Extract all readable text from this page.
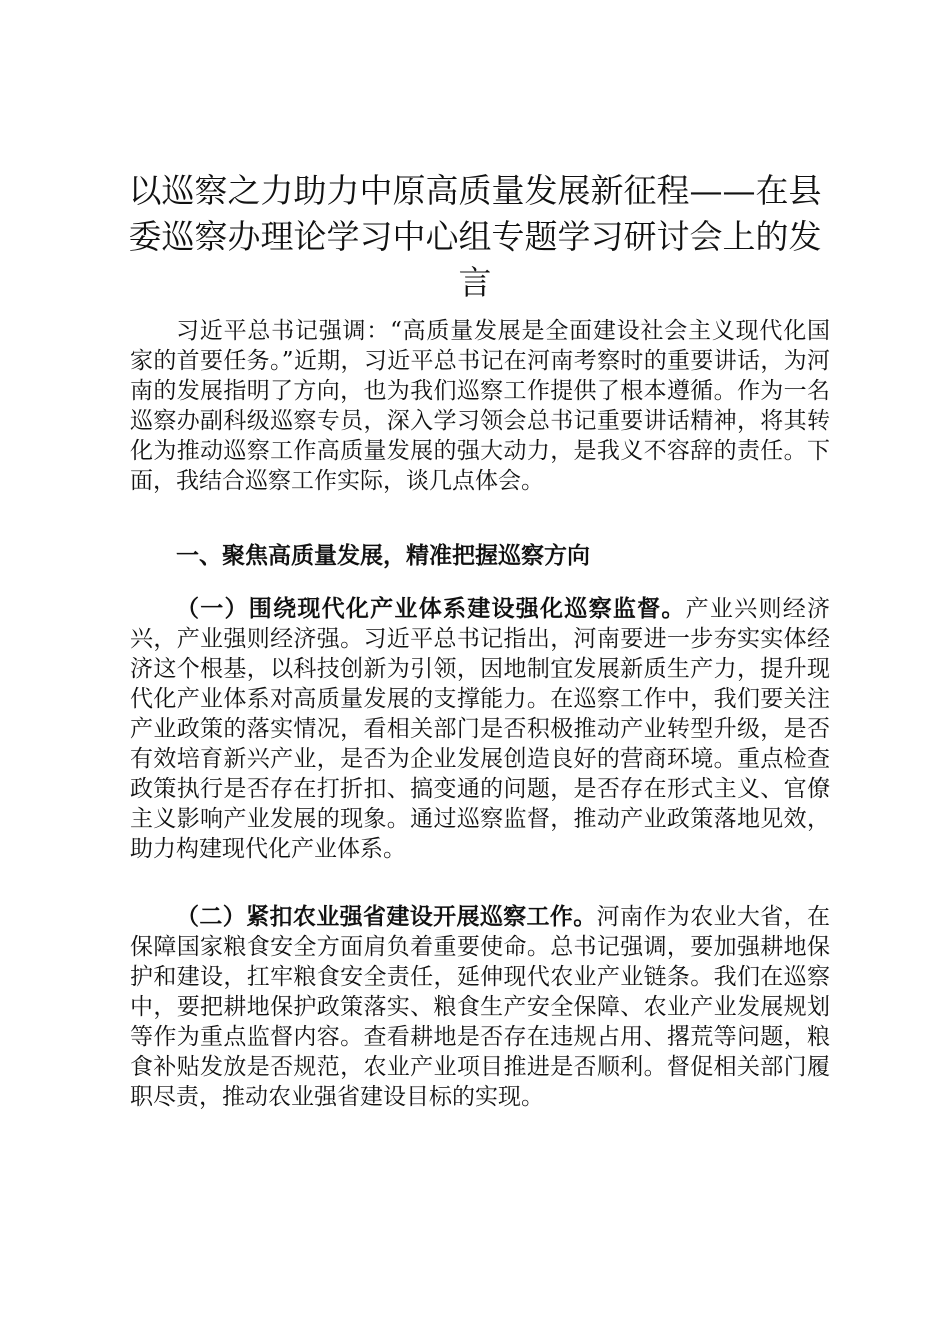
以巡察之力助力中原高质量发展新征程——在县委巡察办理论学习中心组专题学习研讨会上的发言

习近平总书记强调：“高质量发展是全面建设社会主义现代化国家的首要任务。”近期，习近平总书记在河南考察时的重要讲话，为河南的发展指明了方向，也为我们巡察工作提供了根本遵循。作为一名巡察办副科级巡察专员，深入学习领会总书记重要讲话精神，将其转化为推动巡察工作高质量发展的强大动力，是我义不容辞的责任。下面，我结合巡察工作实际，谈几点体会。

一、聚焦高质量发展，精准把握巡察方向

（一）围绕现代化产业体系建设强化巡察监督。产业兴则经济兴，产业强则经济强。习近平总书记指出，河南要进一步夯实实体经济这个根基，以科技创新为引领，因地制宜发展新质生产力，提升现代化产业体系对高质量发展的支撑能力。在巡察工作中，我们要关注产业政策的落实情况，看相关部门是否积极推动产业转型升级，是否有效培育新兴产业，是否为企业发展创造良好的营商环境。重点检查政策执行是否存在打折扣、搞变通的问题，是否存在形式主义、官僚主义影响产业发展的现象。通过巡察监督，推动产业政策落地见效，助力构建现代化产业体系。

（二）紧扣农业强省建设开展巡察工作。河南作为农业大省，在保障国家粮食安全方面肩负着重要使命。总书记强调，要加强耕地保护和建设，扛牢粮食安全责任，延伸现代农业产业链条。我们在巡察中，要把耕地保护政策落实、粮食生产安全保障、农业产业发展规划等作为重点监督内容。查看耕地是否存在违规占用、撂荒等问题，粮食补贴发放是否规范，农业产业项目推进是否顺利。督促相关部门履职尽责，推动农业强省建设目标的实现。
